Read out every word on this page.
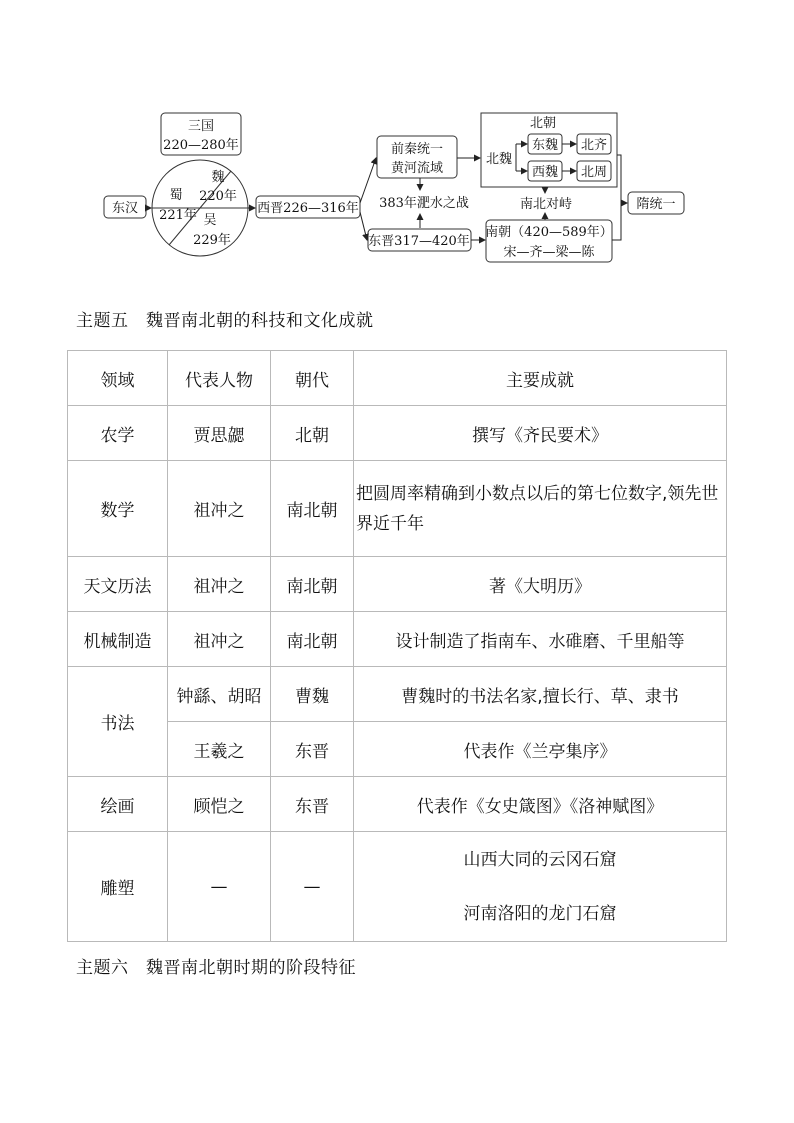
三国
220—280年
东汉
魏
220年
蜀
221年 吴
229年
西晋226—316年
前秦统一
黄河流域
383年淝水之战
东晋317—420年
北朝
北魏
东魏 北齐
西魏 北周
南北对峙
南朝（420—589年）
宋—齐—梁—陈
隋统一
主题五　魏晋南北朝的科技和文化成就
领域	代表人物	朝代	主要成就
农学	贾思勰	北朝	撰写《齐民要术》
数学	祖冲之	南北朝	把圆周率精确到小数点以后的第七位数字,领先世界近千年
天文历法	祖冲之	南北朝	著《大明历》
机械制造	祖冲之	南北朝	设计制造了指南车、水碓磨、千里船等
书法	钟繇、胡昭	曹魏	曹魏时的书法名家,擅长行、草、隶书
	王羲之	东晋	代表作《兰亭集序》
绘画	顾恺之	东晋	代表作《女史箴图》《洛神赋图》
雕塑	—	—	山西大同的云冈石窟
河南洛阳的龙门石窟
主题六　魏晋南北朝时期的阶段特征
